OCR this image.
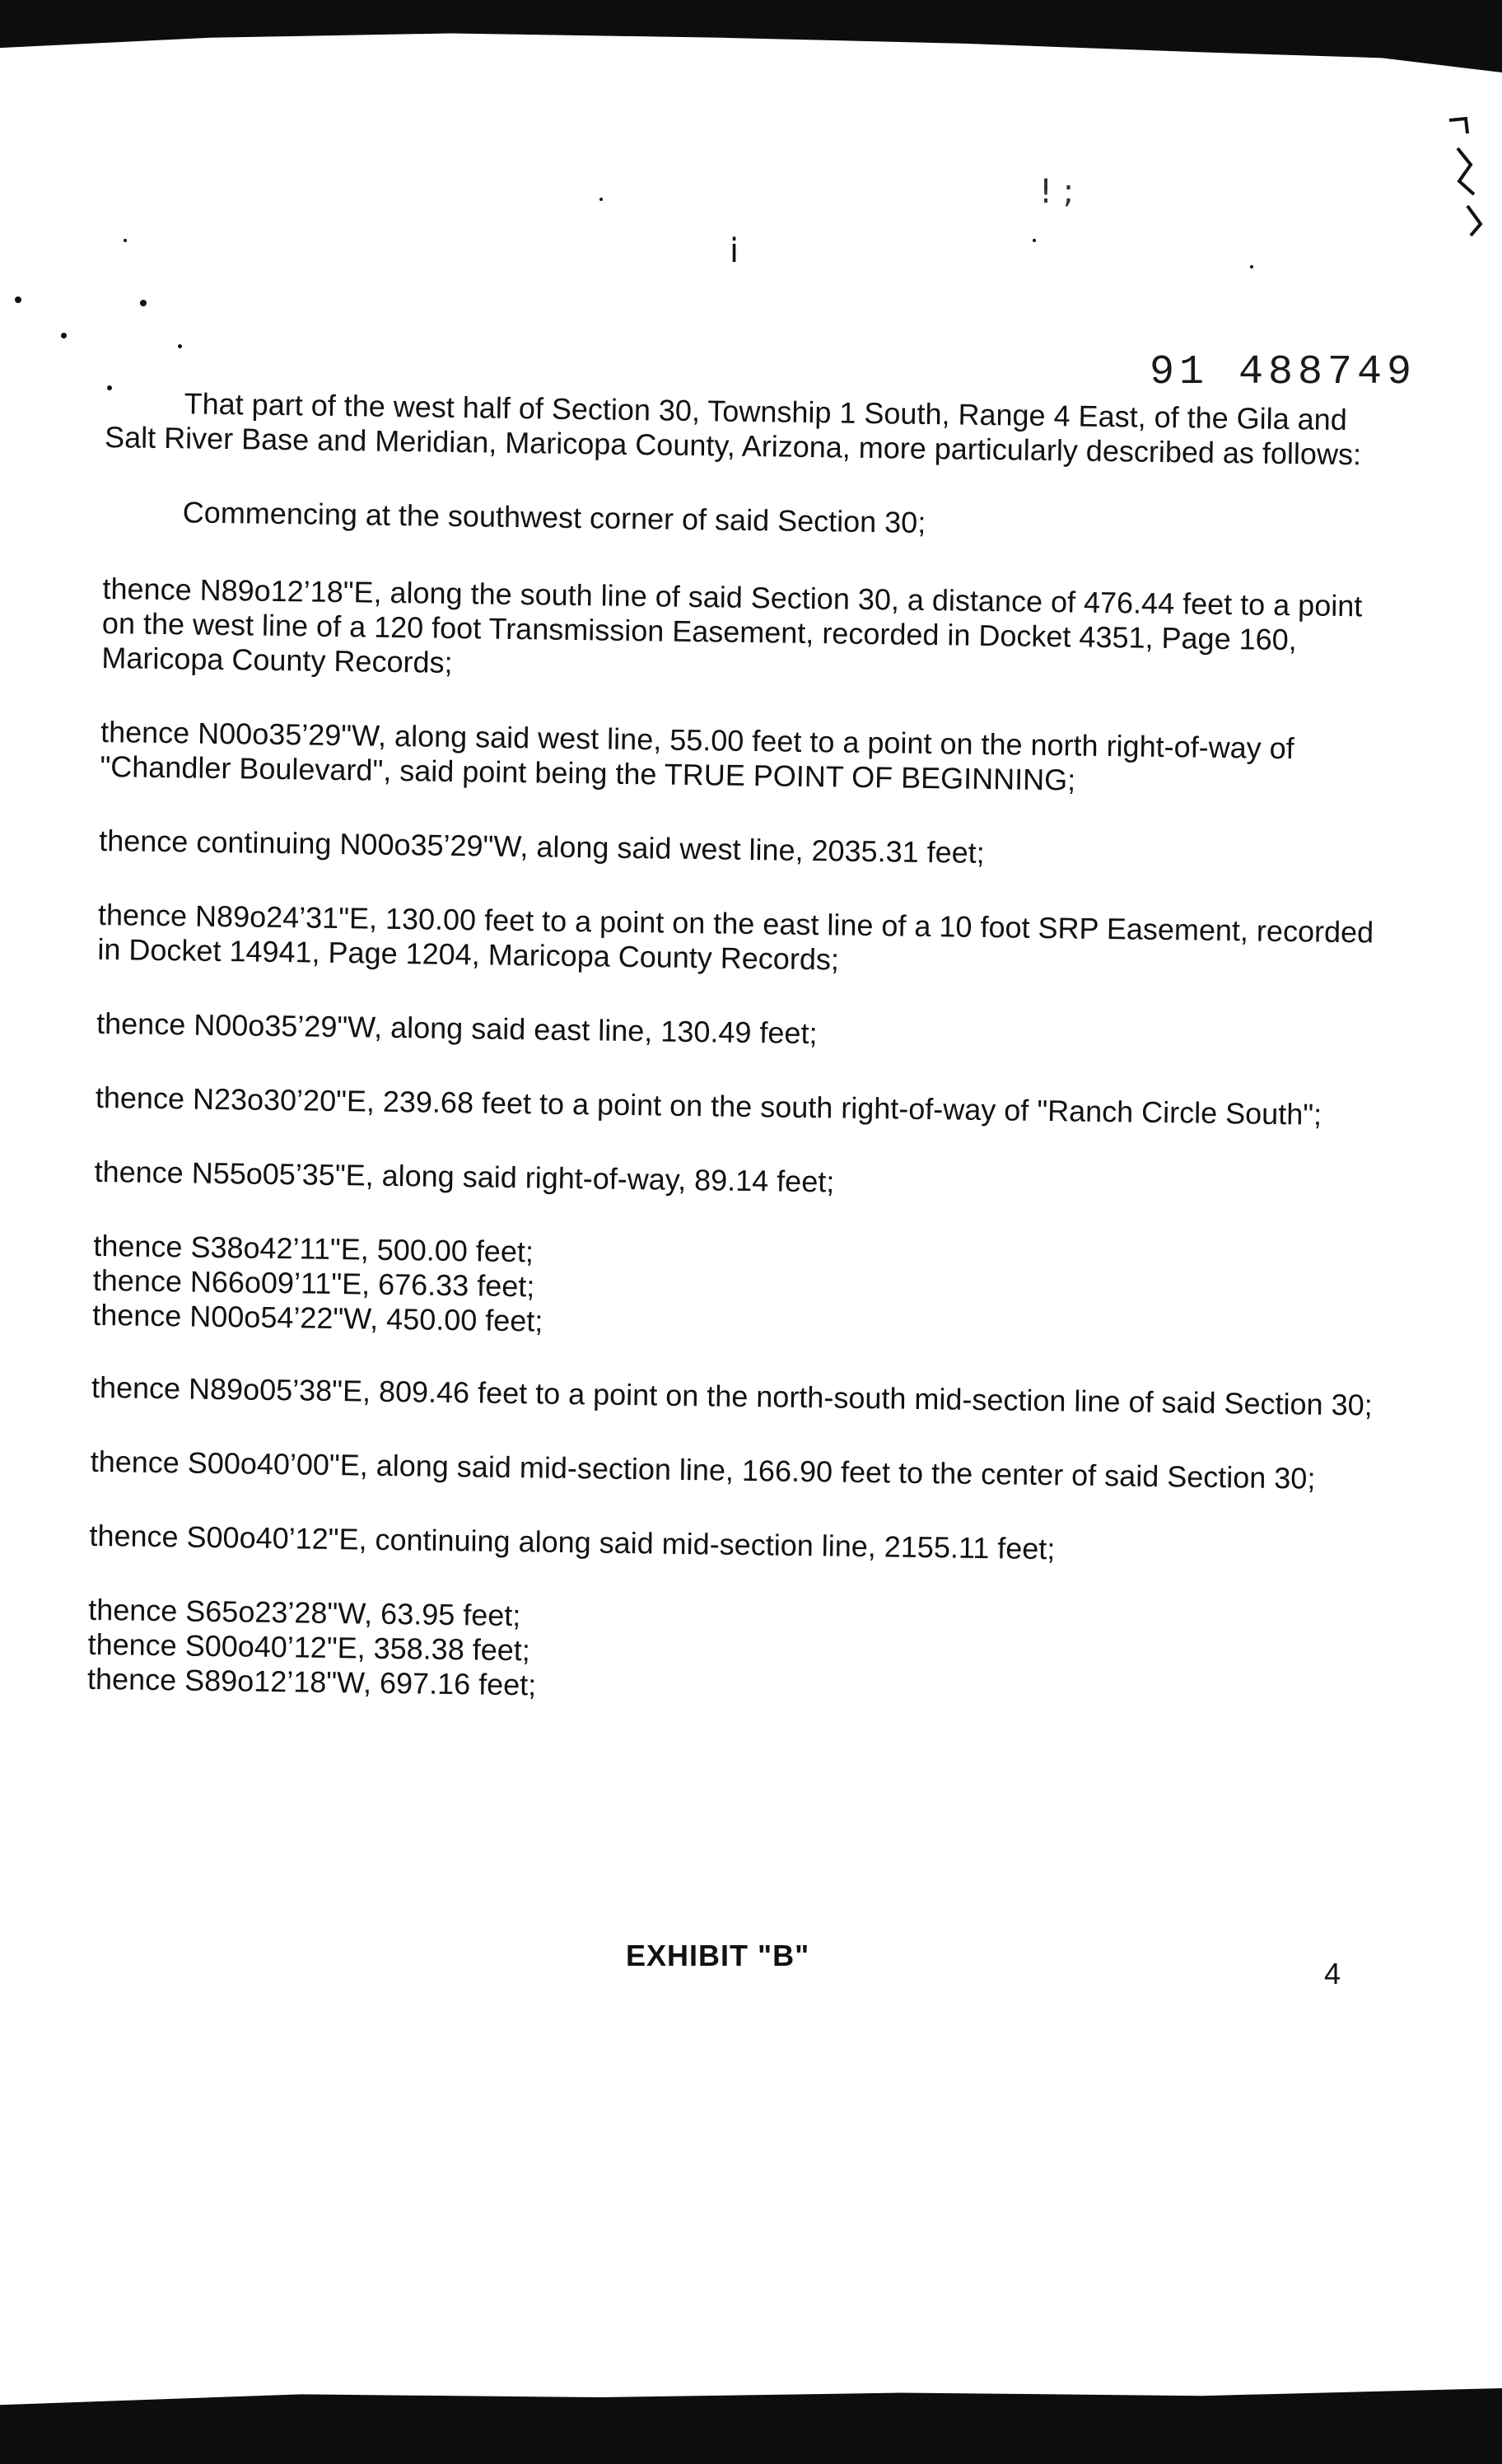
! ;
i
91 488749

That part of the west half of Section 30, Township 1 South, Range 4 East, of the Gila and Salt River Base and Meridian, Maricopa County, Arizona, more particularly described as follows:

Commencing at the southwest corner of said Section 30;

thence N89o12’18"E, along the south line of said Section 30, a distance of 476.44 feet to a point on the west line of a 120 foot Transmission Easement, recorded in Docket 4351, Page 160, Maricopa County Records;

thence N00o35’29"W, along said west line, 55.00 feet to a point on the north right-of-way of "Chandler Boulevard", said point being the TRUE POINT OF BEGINNING;

thence continuing N00o35’29"W, along said west line, 2035.31 feet;

thence N89o24’31"E, 130.00 feet to a point on the east line of a 10 foot SRP Easement, recorded in Docket 14941, Page 1204, Maricopa County Records;

thence N00o35’29"W, along said east line, 130.49 feet;

thence N23o30’20"E, 239.68 feet to a point on the south right-of-way of "Ranch Circle South";

thence N55o05’35"E, along said right-of-way, 89.14 feet;

thence S38o42’11"E, 500.00 feet;
thence N66o09’11"E, 676.33 feet;
thence N00o54’22"W, 450.00 feet;

thence N89o05’38"E, 809.46 feet to a point on the north-south mid-section line of said Section 30;

thence S00o40’00"E, along said mid-section line, 166.90 feet to the center of said Section 30;

thence S00o40’12"E, continuing along said mid-section line, 2155.11 feet;

thence S65o23’28"W, 63.95 feet;
thence S00o40’12"E, 358.38 feet;
thence S89o12’18"W, 697.16 feet;

EXHIBIT "B"
4
